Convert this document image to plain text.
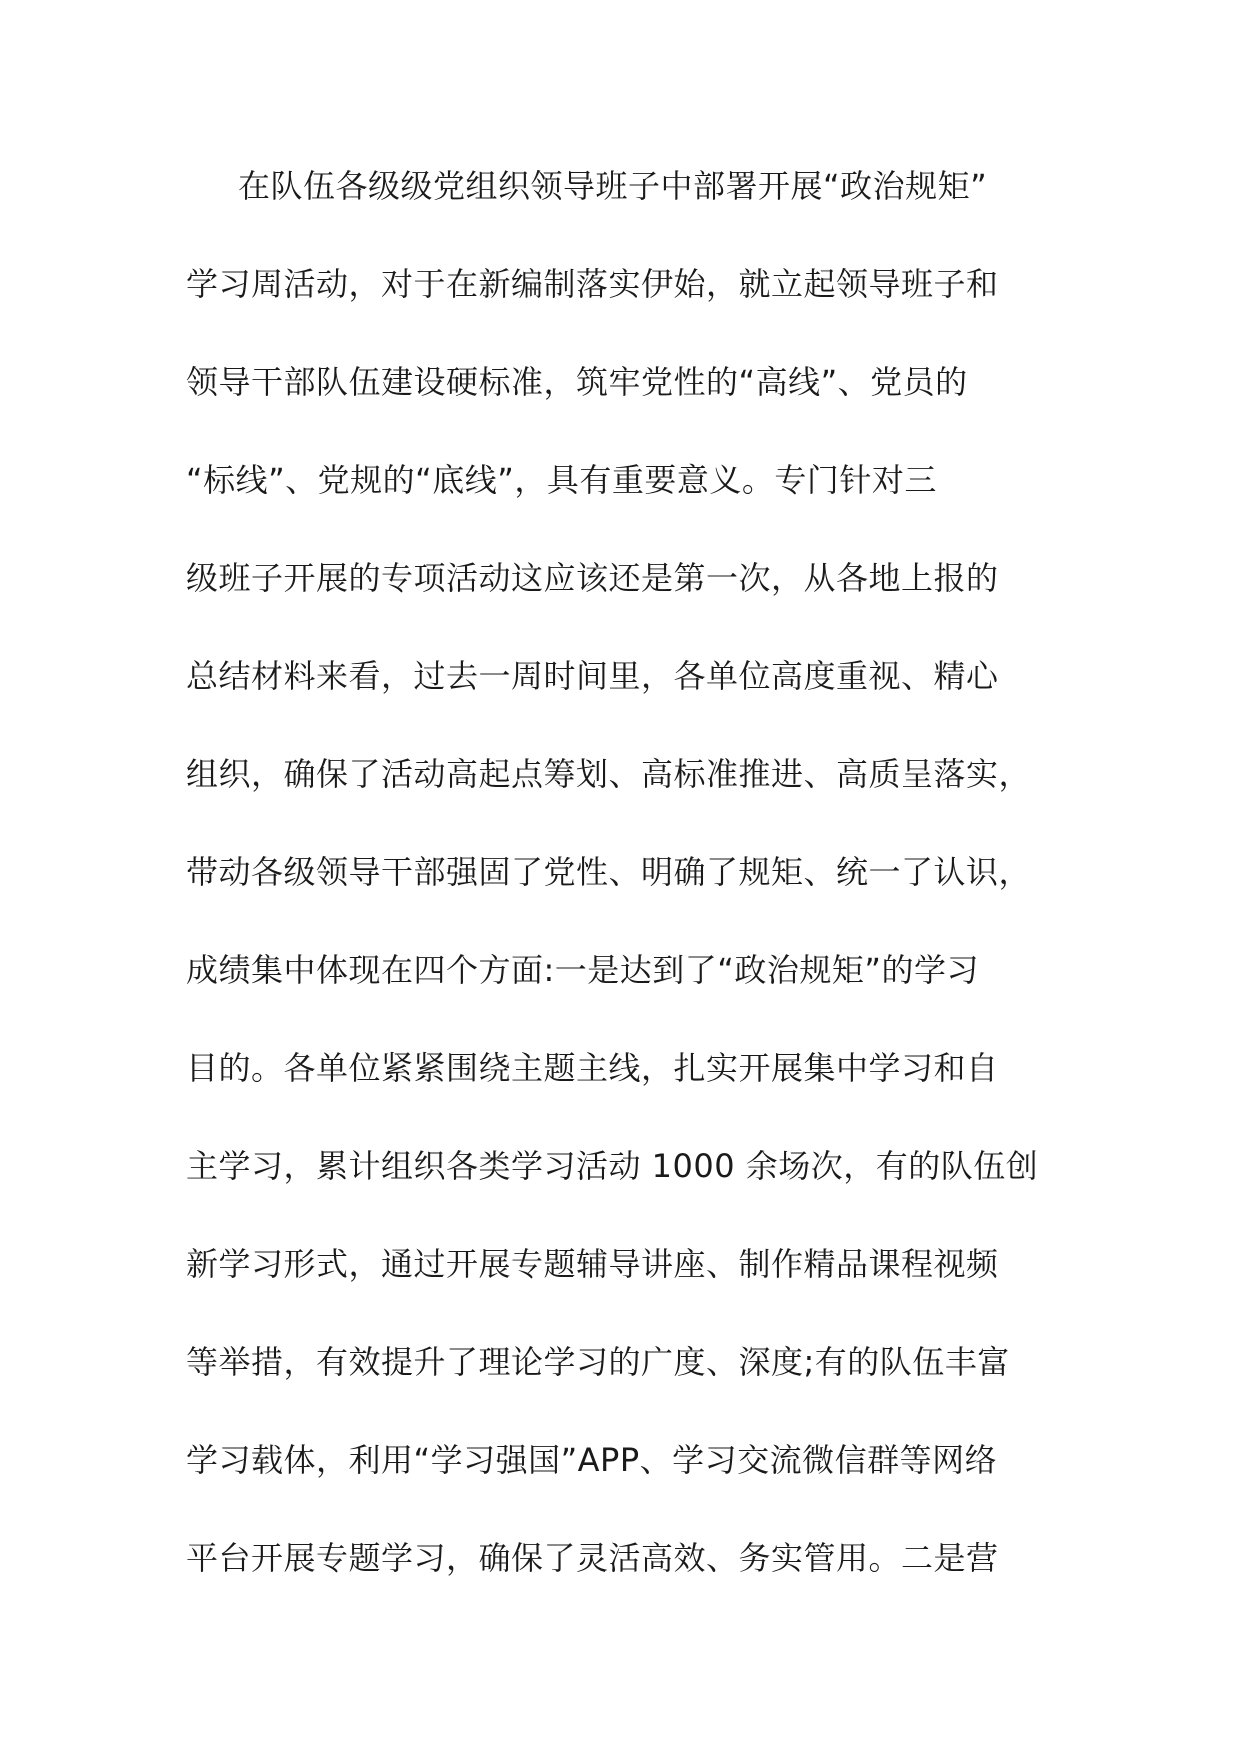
在队伍各级级党组织领导班子中部署开展“政治规矩”
学习周活动，对于在新编制落实伊始，就立起领导班子和
领导干部队伍建设硬标准，筑牢党性的“高线”、党员的
“标线”、党规的“底线”，具有重要意义。专门针对三
级班子开展的专项活动这应该还是第一次，从各地上报的
总结材料来看，过去一周时间里，各单位高度重视、精心
组织，确保了活动高起点筹划、高标准推进、高质呈落实，
带动各级领导干部强固了党性、明确了规矩、统一了认识，
成绩集中体现在四个方面:一是达到了“政治规矩”的学习
目的。各单位紧紧围绕主题主线，扎实开展集中学习和自
主学习，累计组织各类学习活动 1000 余场次，有的队伍创
新学习形式，通过开展专题辅导讲座、制作精品课程视频
等举措，有效提升了理论学习的广度、深度;有的队伍丰富
学习载体，利用“学习强国”APP、学习交流微信群等网络
平台开展专题学习，确保了灵活高效、务实管用。二是营
